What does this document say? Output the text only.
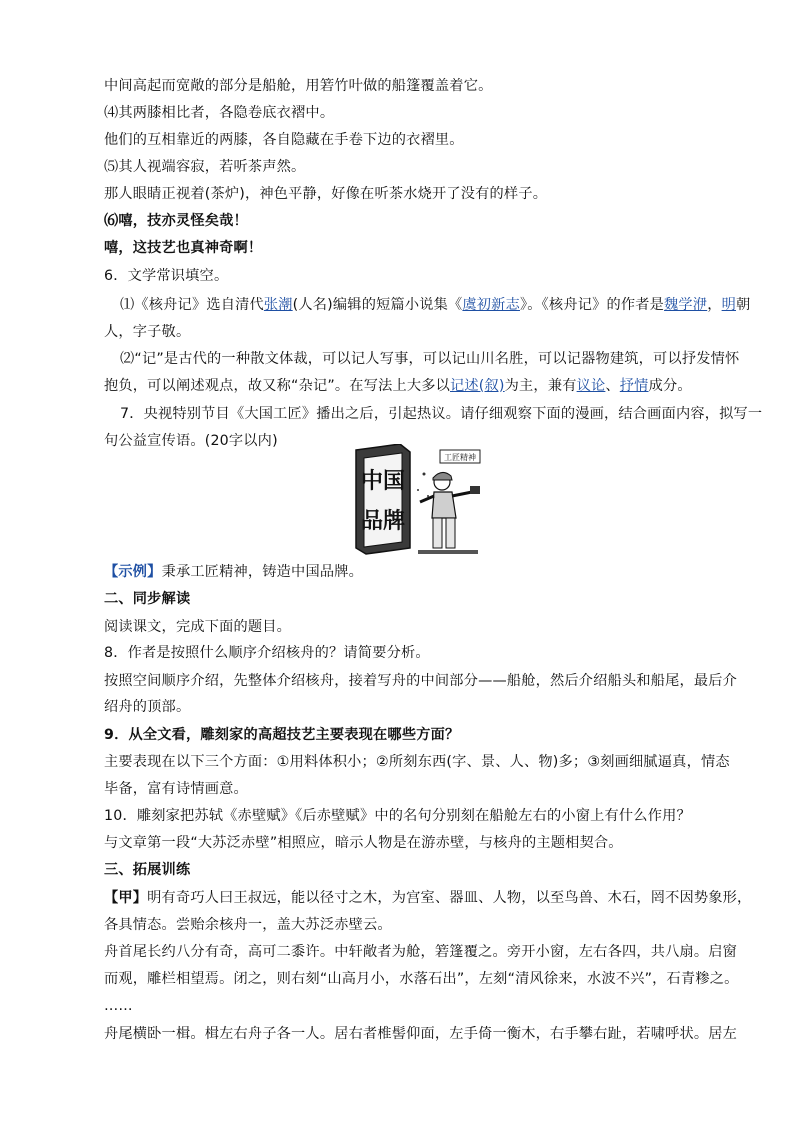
中间高起而宽敞的部分是船舱，用箬竹叶做的船篷覆盖着它。
⑷其两膝相比者，各隐卷底衣褶中。
他们的互相靠近的两膝，各自隐藏在手卷下边的衣褶里。
⑸其人视端容寂，若听茶声然。
那人眼睛正视着(茶炉)，神色平静，好像在听茶水烧开了没有的样子。
⑹嘻，技亦灵怪矣哉！
嘻，这技艺也真神奇啊！
6．文学常识填空。
⑴《核舟记》选自清代张潮(人名)编辑的短篇小说集《虞初新志》。《核舟记》的作者是魏学洢，明朝
人，字子敬。
⑵“记”是古代的一种散文体裁，可以记人写事，可以记山川名胜，可以记器物建筑，可以抒发情怀
抱负，可以阐述观点，故又称“杂记”。在写法上大多以记述(叙)为主，兼有议论、抒情成分。
7．央视特别节目《大国工匠》播出之后，引起热议。请仔细观察下面的漫画，结合画面内容，拟写一
句公益宣传语。(20字以内)
中国
品牌
工匠精神
【示例】秉承工匠精神，铸造中国品牌。
二、同步解读
阅读课文，完成下面的题目。
8．作者是按照什么顺序介绍核舟的？请简要分析。
按照空间顺序介绍，先整体介绍核舟，接着写舟的中间部分——船舱，然后介绍船头和船尾，最后介
绍舟的顶部。
9．从全文看，雕刻家的高超技艺主要表现在哪些方面？
主要表现在以下三个方面：①用料体积小；②所刻东西(字、景、人、物)多；③刻画细腻逼真，情态
毕备，富有诗情画意。
10．雕刻家把苏轼《赤壁赋》《后赤壁赋》中的名句分别刻在船舱左右的小窗上有什么作用？
与文章第一段“大苏泛赤壁”相照应，暗示人物是在游赤壁，与核舟的主题相契合。
三、拓展训练
【甲】明有奇巧人曰王叔远，能以径寸之木，为宫室、器皿、人物，以至鸟兽、木石，罔不因势象形，
各具情态。尝贻余核舟一，盖大苏泛赤壁云。
舟首尾长约八分有奇，高可二黍许。中轩敞者为舱，箬篷覆之。旁开小窗，左右各四，共八扇。启窗
而观，雕栏相望焉。闭之，则右刻“山高月小，水落石出”，左刻“清风徐来，水波不兴”，石青糁之。
……
舟尾横卧一楫。楫左右舟子各一人。居右者椎髻仰面，左手倚一衡木，右手攀右趾，若啸呼状。居左
